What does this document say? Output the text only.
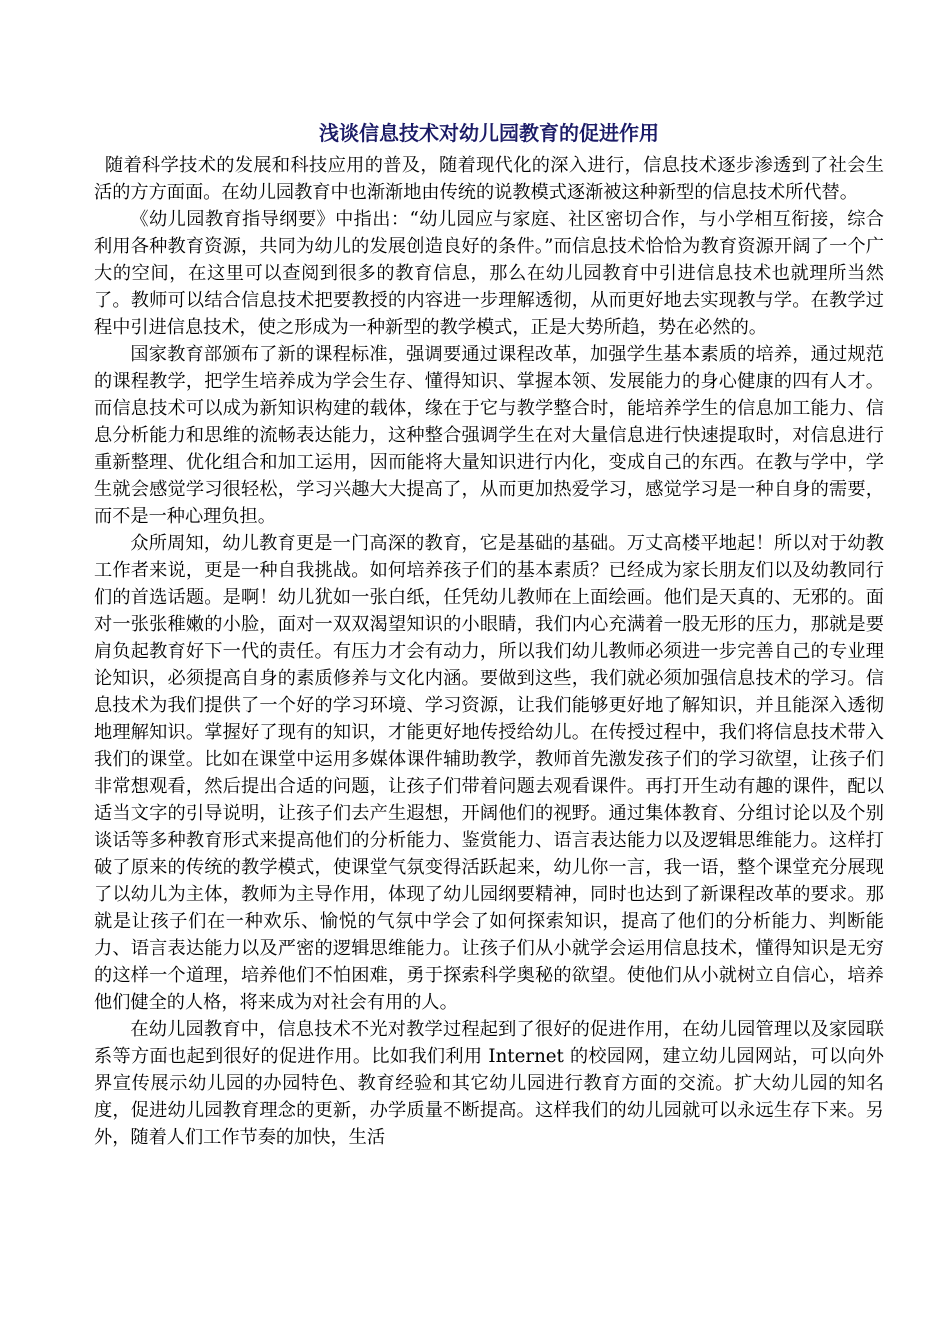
浅谈信息技术对幼儿园教育的促进作用

随着科学技术的发展和科技应用的普及，随着现代化的深入进行，信息技术逐步渗透到了社会生活的方方面面。在幼儿园教育中也渐渐地由传统的说教模式逐渐被这种新型的信息技术所代替。

《幼儿园教育指导纲要》中指出：“幼儿园应与家庭、社区密切合作，与小学相互衔接，综合利用各种教育资源，共同为幼儿的发展创造良好的条件。”而信息技术恰恰为教育资源开阔了一个广大的空间，在这里可以查阅到很多的教育信息，那么在幼儿园教育中引进信息技术也就理所当然了。教师可以结合信息技术把要教授的内容进一步理解透彻，从而更好地去实现教与学。在教学过程中引进信息技术，使之形成为一种新型的教学模式，正是大势所趋，势在必然的。

国家教育部颁布了新的课程标准，强调要通过课程改革，加强学生基本素质的培养，通过规范的课程教学，把学生培养成为学会生存、懂得知识、掌握本领、发展能力的身心健康的四有人才。而信息技术可以成为新知识构建的载体，缘在于它与教学整合时，能培养学生的信息加工能力、信息分析能力和思维的流畅表达能力，这种整合强调学生在对大量信息进行快速提取时，对信息进行重新整理、优化组合和加工运用，因而能将大量知识进行内化，变成自己的东西。在教与学中，学生就会感觉学习很轻松，学习兴趣大大提高了，从而更加热爱学习，感觉学习是一种自身的需要，而不是一种心理负担。

众所周知，幼儿教育更是一门高深的教育，它是基础的基础。万丈高楼平地起！所以对于幼教工作者来说，更是一种自我挑战。如何培养孩子们的基本素质？已经成为家长朋友们以及幼教同行们的首选话题。是啊！幼儿犹如一张白纸，任凭幼儿教师在上面绘画。他们是天真的、无邪的。面对一张张稚嫩的小脸，面对一双双渴望知识的小眼睛，我们内心充满着一股无形的压力，那就是要肩负起教育好下一代的责任。有压力才会有动力，所以我们幼儿教师必须进一步完善自己的专业理论知识，必须提高自身的素质修养与文化内涵。要做到这些，我们就必须加强信息技术的学习。信息技术为我们提供了一个好的学习环境、学习资源，让我们能够更好地了解知识，并且能深入透彻地理解知识。掌握好了现有的知识，才能更好地传授给幼儿。在传授过程中，我们将信息技术带入我们的课堂。比如在课堂中运用多媒体课件辅助教学，教师首先激发孩子们的学习欲望，让孩子们非常想观看，然后提出合适的问题，让孩子们带着问题去观看课件。再打开生动有趣的课件，配以适当文字的引导说明，让孩子们去产生遐想，开阔他们的视野。通过集体教育、分组讨论以及个别谈话等多种教育形式来提高他们的分析能力、鉴赏能力、语言表达能力以及逻辑思维能力。这样打破了原来的传统的教学模式，使课堂气氛变得活跃起来，幼儿你一言，我一语，整个课堂充分展现了以幼儿为主体，教师为主导作用，体现了幼儿园纲要精神，同时也达到了新课程改革的要求。那就是让孩子们在一种欢乐、愉悦的气氛中学会了如何探索知识，提高了他们的分析能力、判断能力、语言表达能力以及严密的逻辑思维能力。让孩子们从小就学会运用信息技术，懂得知识是无穷的这样一个道理，培养他们不怕困难，勇于探索科学奥秘的欲望。使他们从小就树立自信心，培养他们健全的人格，将来成为对社会有用的人。

在幼儿园教育中，信息技术不光对教学过程起到了很好的促进作用，在幼儿园管理以及家园联系等方面也起到很好的促进作用。比如我们利用 Internet 的校园网，建立幼儿园网站，可以向外界宣传展示幼儿园的办园特色、教育经验和其它幼儿园进行教育方面的交流。扩大幼儿园的知名度，促进幼儿园教育理念的更新，办学质量不断提高。这样我们的幼儿园就可以永远生存下来。另外，随着人们工作节奏的加快，生活
